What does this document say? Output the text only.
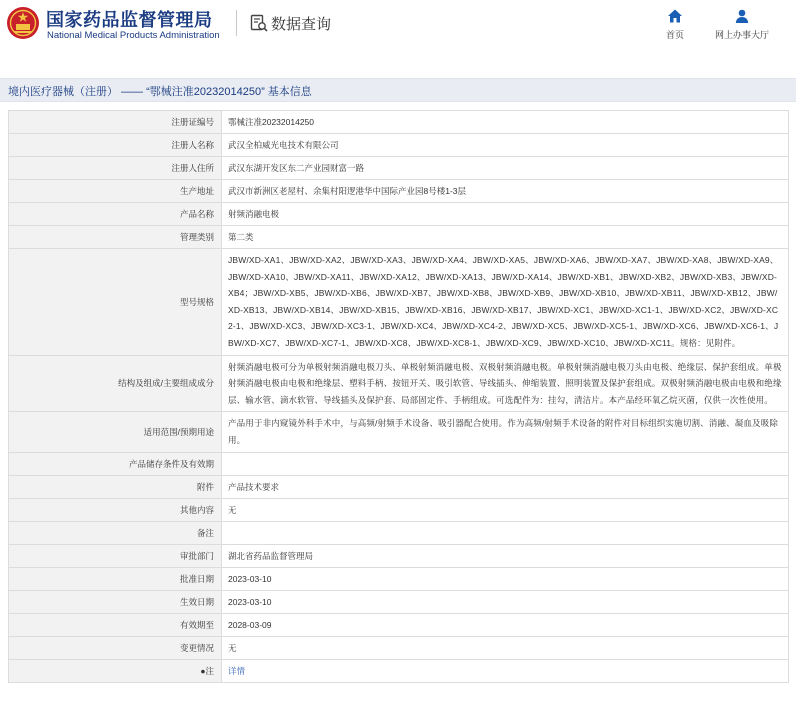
国家药品监督管理局
National Medical Products Administration
数据查询
首页	网上办事大厅
境内医疗器械（注册） —— “鄂械注准20232014250” 基本信息
注册证编号	鄂械注准20232014250
注册人名称	武汉全柏威光电技术有限公司
注册人住所	武汉东湖开发区东二产业园财富一路
生产地址	武汉市新洲区老屋村、余集村阳逻港华中国际产业园8号楼1-3层
产品名称	射频消融电极
管理类别	第二类
型号规格	JBW/XD-XA1、JBW/XD-XA2、JBW/XD-XA3、JBW/XD-XA4、JBW/XD-XA5、JBW/XD-XA6、JBW/XD-XA7、JBW/XD-XA8、JBW/XD-XA9、JBW/XD-XA10、JBW/XD-XA11、JBW/XD-XA12、JBW/XD-XA13、JBW/XD-XA14、JBW/XD-XB1、JBW/XD-XB2、JBW/XD-XB3、JBW/XD-XB4；JBW/XD-XB5、JBW/XD-XB6、JBW/XD-XB7、JBW/XD-XB8、JBW/XD-XB9、JBW/XD-XB10、JBW/XD-XB11、JBW/XD-XB12、JBW/XD-XB13、JBW/XD-XB14、JBW/XD-XB15、JBW/XD-XB16、JBW/XD-XB17、JBW/XD-XC1、JBW/XD-XC1-1、JBW/XD-XC2、JBW/XD-XC2-1、JBW/XD-XC3、JBW/XD-XC3-1、JBW/XD-XC4、JBW/XD-XC4-2、JBW/XD-XC5、JBW/XD-XC5-1、JBW/XD-XC6、JBW/XD-XC6-1、JBW/XD-XC7、JBW/XD-XC7-1、JBW/XD-XC8、JBW/XD-XC8-1、JBW/XD-XC9、JBW/XD-XC10、JBW/XD-XC11。规格：见附件。
结构及组成/主要组成成分	射频消融电极可分为单极射频消融电极刀头、单极射频消融电极、双极射频消融电极。单极射频消融电极刀头由电极、绝缘层、保护套组成。单极射频消融电极由电极和绝缘层、塑料手柄、按钮开关、吸引软管、导线插头、伸缩装置、照明装置及保护套组成。双极射频消融电极由电极和绝缘层、输水管、滴水软管、导线插头及保护套、局部固定件、手柄组成。可选配件为：挂勾，清洁片。本产品经环氧乙烷灭菌，仅供一次性使用。
适用范围/预期用途	产品用于非内窥镜外科手术中，与高频/射频手术设备、吸引器配合使用。作为高频/射频手术设备的附件对目标组织实施切割、消融、凝血及吸除用。
产品储存条件及有效期	
附件	产品技术要求
其他内容	无
备注	
审批部门	湖北省药品监督管理局
批准日期	2023-03-10
生效日期	2023-03-10
有效期至	2028-03-09
变更情况	无
●注	详情
